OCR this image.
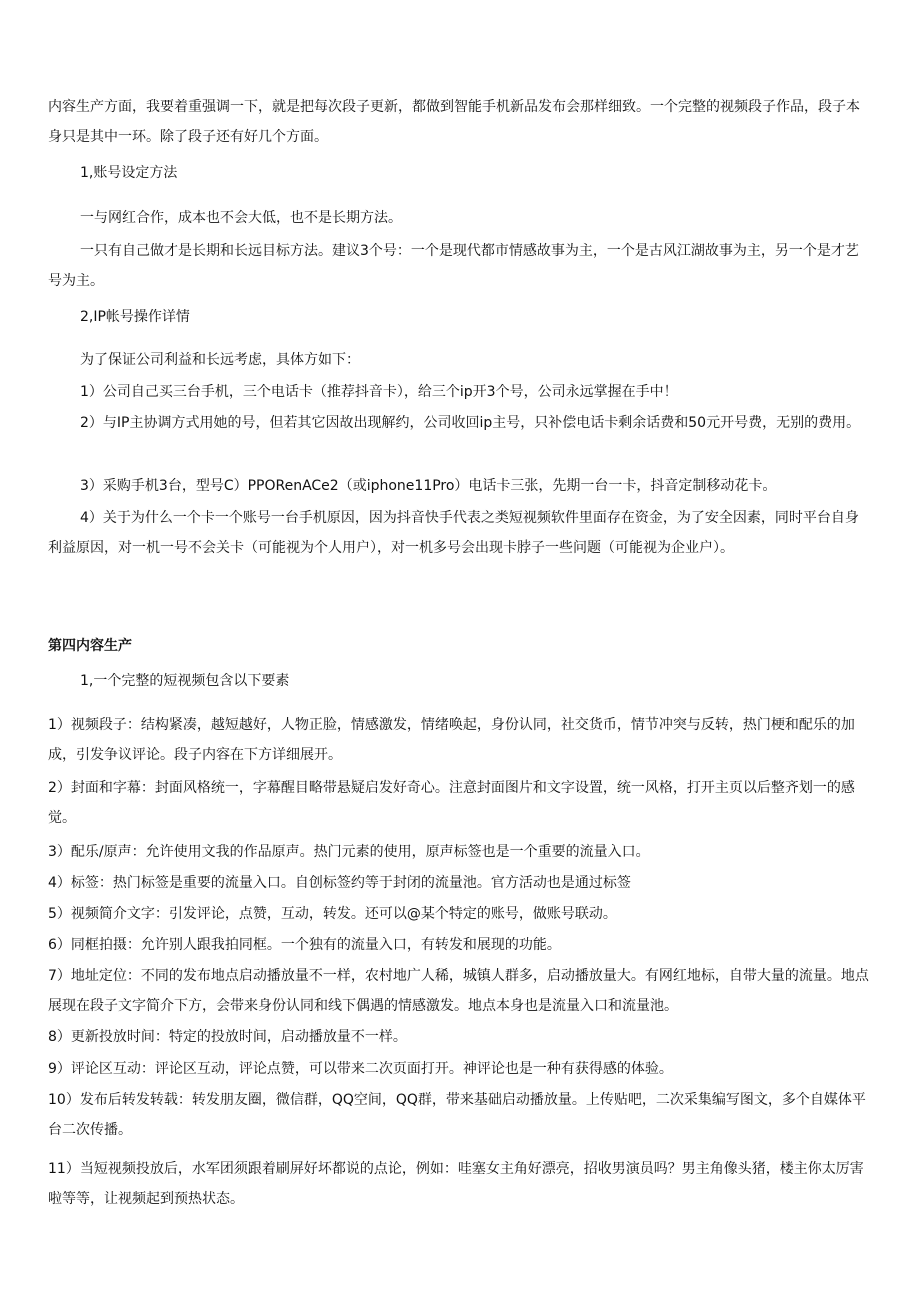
内容生产方面，我要着重强调一下，就是把每次段子更新，都做到智能手机新品发布会那样细致。一个完整的视频段子作品，段子本身只是其中一环。除了段子还有好几个方面。

1,账号设定方法

一与网红合作，成本也不会大低，也不是长期方法。

一只有自己做才是长期和长远目标方法。建议3个号：一个是现代都市情感故事为主，一个是古风江湖故事为主，另一个是才艺号为主。

2,IP帐号操作详情

为了保证公司利益和长远考虑，具体方如下：

1）公司自己买三台手机，三个电话卡（推荐抖音卡），给三个ip开3个号，公司永远掌握在手中！

2）与IP主协调方式用她的号，但若其它因故出现解约，公司收回ip主号，只补偿电话卡剩余话费和50元开号费，无别的费用。

3）采购手机3台，型号C）PPORenACe2（或iphone11Pro）电话卡三张，先期一台一卡，抖音定制移动花卡。

4）关于为什么一个卡一个账号一台手机原因，因为抖音快手代表之类短视频软件里面存在资金，为了安全因素，同时平台自身利益原因，对一机一号不会关卡（可能视为个人用户），对一机多号会出现卡脖子一些问题（可能视为企业户）。

第四内容生产

1,一个完整的短视频包含以下要素

1）视频段子：结构紧凑，越短越好，人物正脸，情感激发，情绪唤起，身份认同，社交货币，情节冲突与反转，热门梗和配乐的加成，引发争议评论。段子内容在下方详细展开。

2）封面和字幕：封面风格统一，字幕醒目略带悬疑启发好奇心。注意封面图片和文字设置，统一风格，打开主页以后整齐划一的感觉。

3）配乐/原声：允许使用文我的作品原声。热门元素的使用，原声标签也是一个重要的流量入口。

4）标签：热门标签是重要的流量入口。自创标签约等于封闭的流量池。官方活动也是通过标签

5）视频简介文字：引发评论，点赞，互动，转发。还可以@某个特定的账号，做账号联动。

6）同框拍摄：允许别人跟我拍同框。一个独有的流量入口，有转发和展现的功能。

7）地址定位：不同的发布地点启动播放量不一样，农村地广人稀，城镇人群多，启动播放量大。有网红地标，自带大量的流量。地点展现在段子文字简介下方，会带来身份认同和线下偶遇的情感激发。地点本身也是流量入口和流量池。

8）更新投放时间：特定的投放时间，启动播放量不一样。

9）评论区互动：评论区互动，评论点赞，可以带来二次页面打开。神评论也是一种有获得感的体验。

10）发布后转发转载：转发朋友圈，微信群，QQ空间，QQ群，带来基础启动播放量。上传贴吧，二次采集编写图文，多个自媒体平台二次传播。

11）当短视频投放后，水军团须跟着刷屏好坏都说的点论，例如：哇塞女主角好漂亮，招收男演员吗？男主角像头猪，楼主你太厉害啦等等，让视频起到预热状态。
